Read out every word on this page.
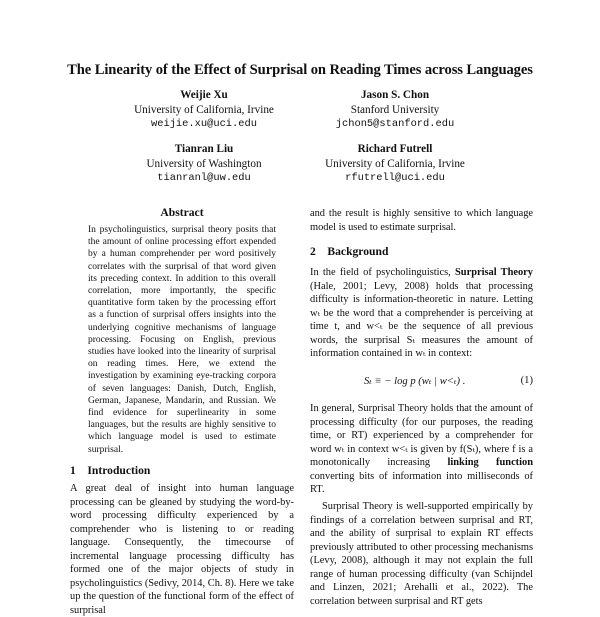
The Linearity of the Effect of Surprisal on Reading Times across Languages
Weijie Xu
University of California, Irvine
weijie.xu@uci.edu
Jason S. Chon
Stanford University
jchon5@stanford.edu
Tianran Liu
University of Washington
tianranl@uw.edu
Richard Futrell
University of California, Irvine
rfutrell@uci.edu
Abstract
In psycholinguistics, surprisal theory posits that the amount of online processing effort expended by a human comprehender per word positively correlates with the surprisal of that word given its preceding context. In addition to this overall correlation, more importantly, the specific quantitative form taken by the processing effort as a function of surprisal offers insights into the underlying cognitive mechanisms of language processing. Focusing on English, previous studies have looked into the linearity of surprisal on reading times. Here, we extend the investigation by examining eye-tracking corpora of seven languages: Danish, Dutch, English, German, Japanese, Mandarin, and Russian. We find evidence for superlinearity in some languages, but the results are highly sensitive to which language model is used to estimate surprisal.
1 Introduction

A great deal of insight into human language processing can be gleaned by studying the word-by-word processing difficulty experienced by a comprehender who is listening to or reading language. Consequently, the timecourse of incremental language processing difficulty has formed one of the major objects of study in psycholinguistics (Sedivy, 2014, Ch. 8). Here we take up the question of the functional form of the effect of surprisal

and the result is highly sensitive to which language model is used to estimate surprisal.

2 Background

In the field of psycholinguistics, Surprisal Theory (Hale, 2001; Levy, 2008) holds that processing difficulty is information-theoretic in nature. Letting wₜ be the word that a comprehender is perceiving at time t, and w<ₜ be the sequence of all previous words, the surprisal Sₜ measures the amount of information contained in wₜ in context:

Sₜ ≡ − log p (wₜ | w<ₜ) .	(1)

In general, Surprisal Theory holds that the amount of processing difficulty (for our purposes, the reading time, or RT) experienced by a comprehender for word wₜ in context w<ₜ is given by f(Sₜ), where f is a monotonically increasing linking function converting bits of information into milliseconds of RT.

Surprisal Theory is well-supported empirically by findings of a correlation between surprisal and RT, and the ability of surprisal to explain RT effects previously attributed to other processing mechanisms (Levy, 2008), although it may not explain the full range of human processing difficulty (van Schijndel and Linzen, 2021; Arehalli et al., 2022). The correlation between surprisal and RT gets
